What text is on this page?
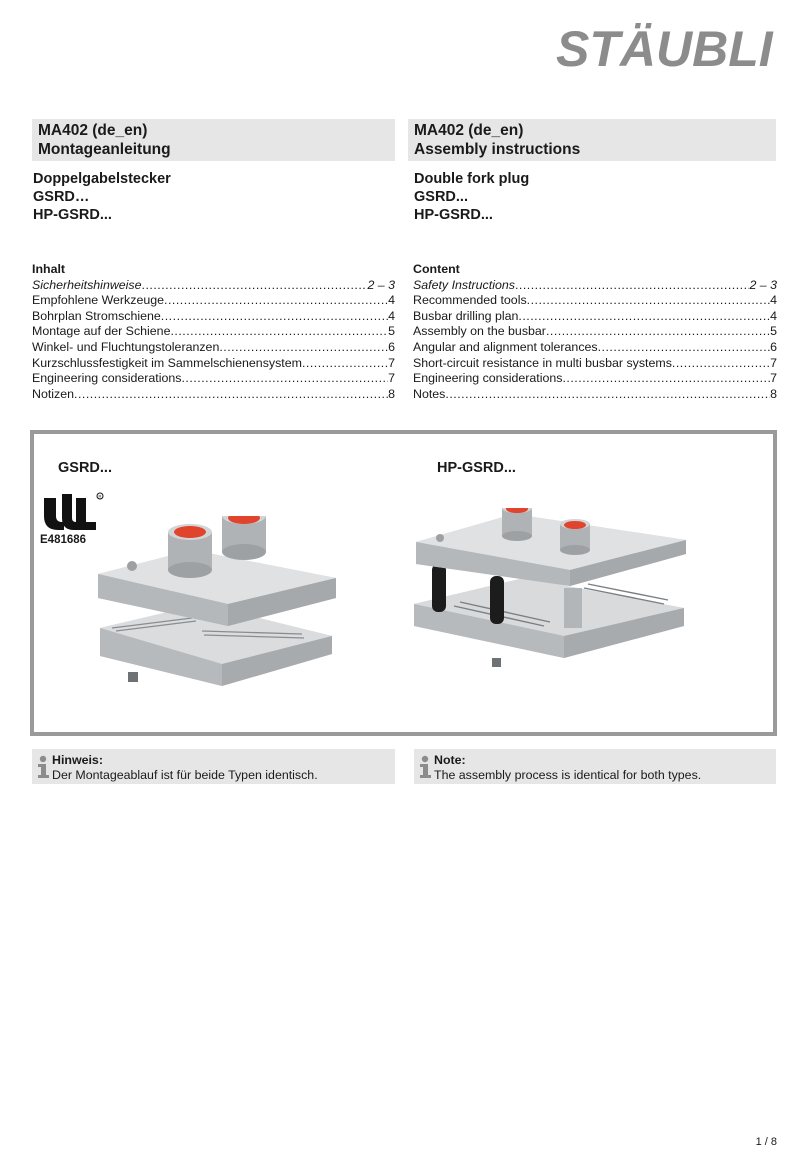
STÄUBLI
MA402 (de_en)
Montageanleitung
MA402 (de_en)
Assembly instructions
Doppelgabelstecker
GSRD…
HP-GSRD...
Double fork plug
GSRD...
HP-GSRD...
Inhalt
Sicherheitshinweise .....	2 – 3
Empfohlene Werkzeuge .....	4
Bohrplan Stromschiene .....	4
Montage auf der Schiene .....	5
Winkel- und Fluchtungstoleranzen .....	6
Kurzschlussfestigkeit im Sammelschienensystem .....	7
Engineering considerations .....	7
Notizen .....	8
Content
Safety Instructions .....	2 – 3
Recommended tools .....	4
Busbar drilling plan .....	4
Assembly on the busbar .....	5
Angular and alignment tolerances .....	6
Short-circuit resistance in multi busbar systems .....	7
Engineering considerations .....	7
Notes .....	8
GSRD...	HP-GSRD...
R
E481686
Hinweis:
Der Montageablauf ist für beide Typen identisch.
Note:
The assembly process is identical for both types.
1 / 8
